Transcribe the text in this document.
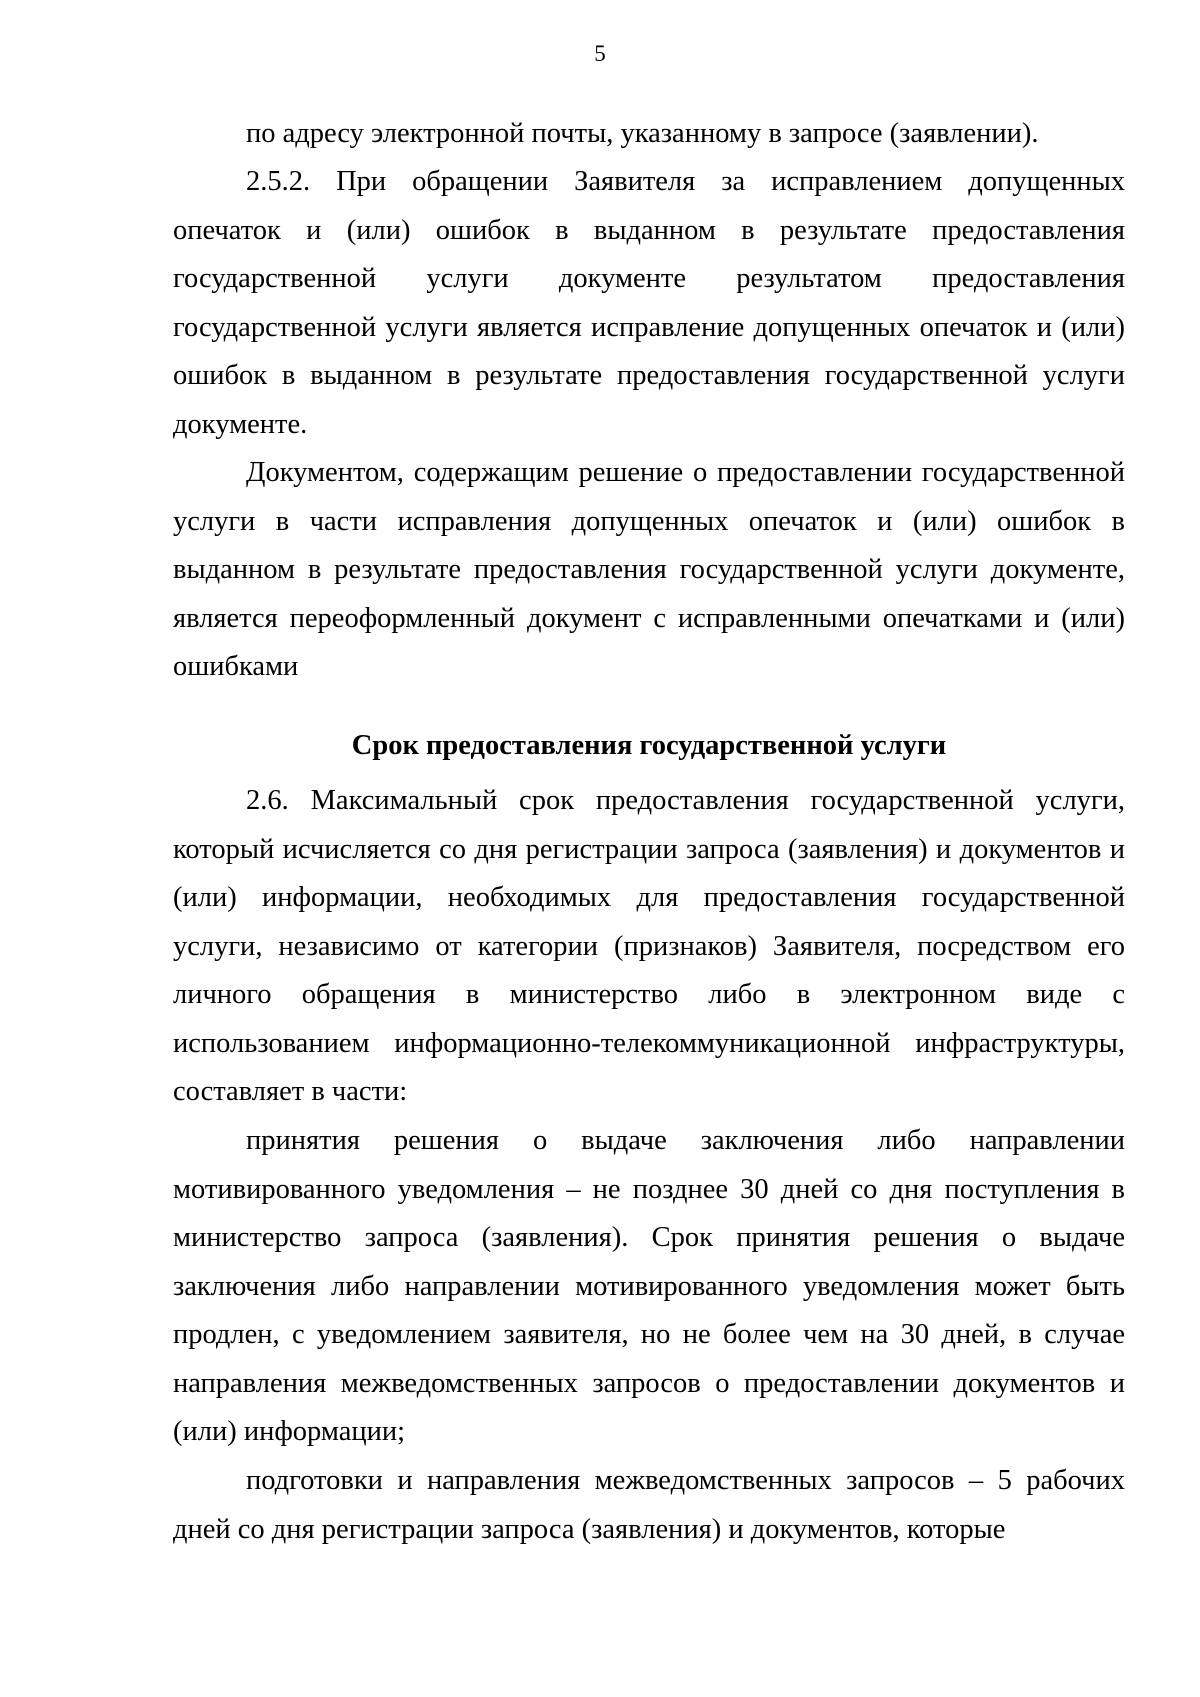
5

по адресу электронной почты, указанному в запросе (заявлении).

2.5.2. При обращении Заявителя за исправлением допущенных опечаток и (или) ошибок в выданном в результате предоставления государственной услуги документе результатом предоставления государственной услуги является исправление допущенных опечаток и (или) ошибок в выданном в результате предоставления государственной услуги документе.

Документом, содержащим решение о предоставлении государственной услуги в части исправления допущенных опечаток и (или) ошибок в выданном в результате предоставления государственной услуги документе, является переоформленный документ с исправленными опечатками и (или) ошибками

Срок предоставления государственной услуги

2.6. Максимальный срок предоставления государственной услуги, который исчисляется со дня регистрации запроса (заявления) и документов и (или) информации, необходимых для предоставления государственной услуги, независимо от категории (признаков) Заявителя, посредством его личного обращения в министерство либо в электронном виде с использованием информационно-телекоммуникационной инфраструктуры, составляет в части:

принятия решения о выдаче заключения либо направлении мотивированного уведомления – не позднее 30 дней со дня поступления в министерство запроса (заявления). Срок принятия решения о выдаче заключения либо направлении мотивированного уведомления может быть продлен, с уведомлением заявителя, но не более чем на 30 дней, в случае направления межведомственных запросов о предоставлении документов и (или) информации;

подготовки и направления межведомственных запросов – 5 рабочих дней со дня регистрации запроса (заявления) и документов, которые
